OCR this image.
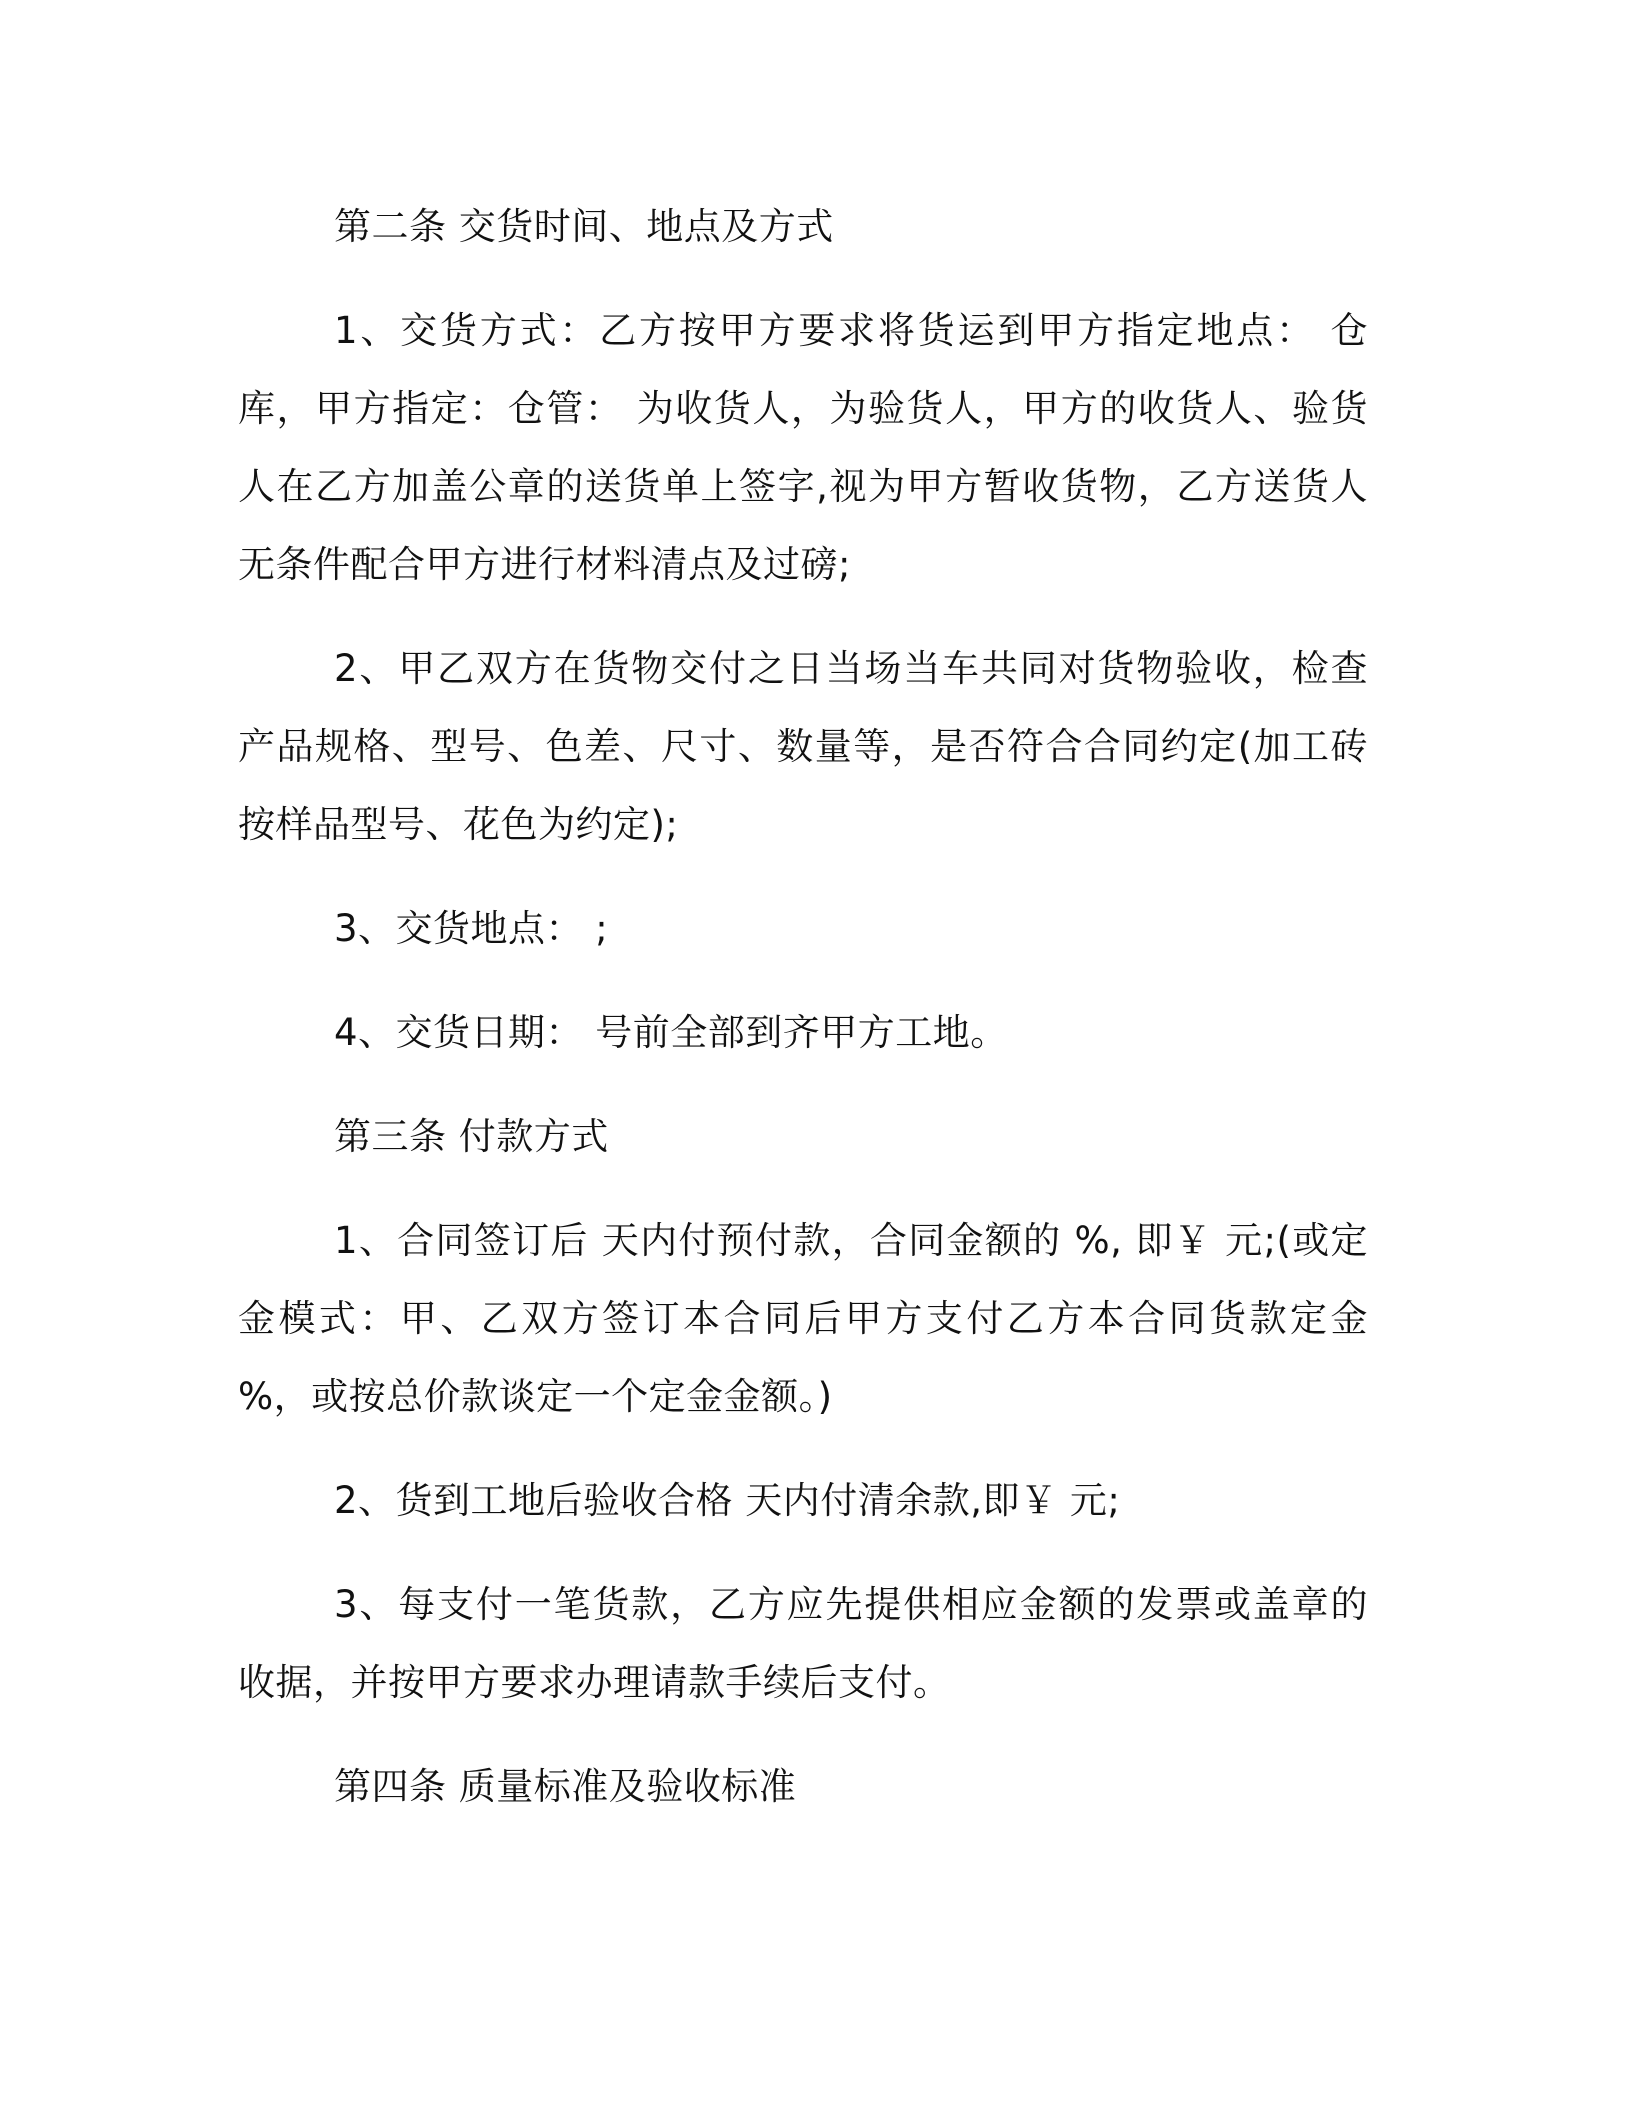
第二条 交货时间、地点及方式

1、交货方式：乙方按甲方要求将货运到甲方指定地点： 仓库，甲方指定：仓管： 为收货人，为验货人，甲方的收货人、验货人在乙方加盖公章的送货单上签字,视为甲方暂收货物，乙方送货人无条件配合甲方进行材料清点及过磅;

2、甲乙双方在货物交付之日当场当车共同对货物验收，检查产品规格、型号、色差、尺寸、数量等，是否符合合同约定(加工砖按样品型号、花色为约定);

3、交货地点： ;

4、交货日期： 号前全部到齐甲方工地。

第三条 付款方式

1、合同签订后 天内付预付款，合同金额的 %, 即￥ 元;(或定金模式：甲、乙双方签订本合同后甲方支付乙方本合同货款定金 %，或按总价款谈定一个定金金额。)

2、货到工地后验收合格 天内付清余款,即￥ 元;

3、每支付一笔货款，乙方应先提供相应金额的发票或盖章的收据，并按甲方要求办理请款手续后支付。

第四条 质量标准及验收标准
